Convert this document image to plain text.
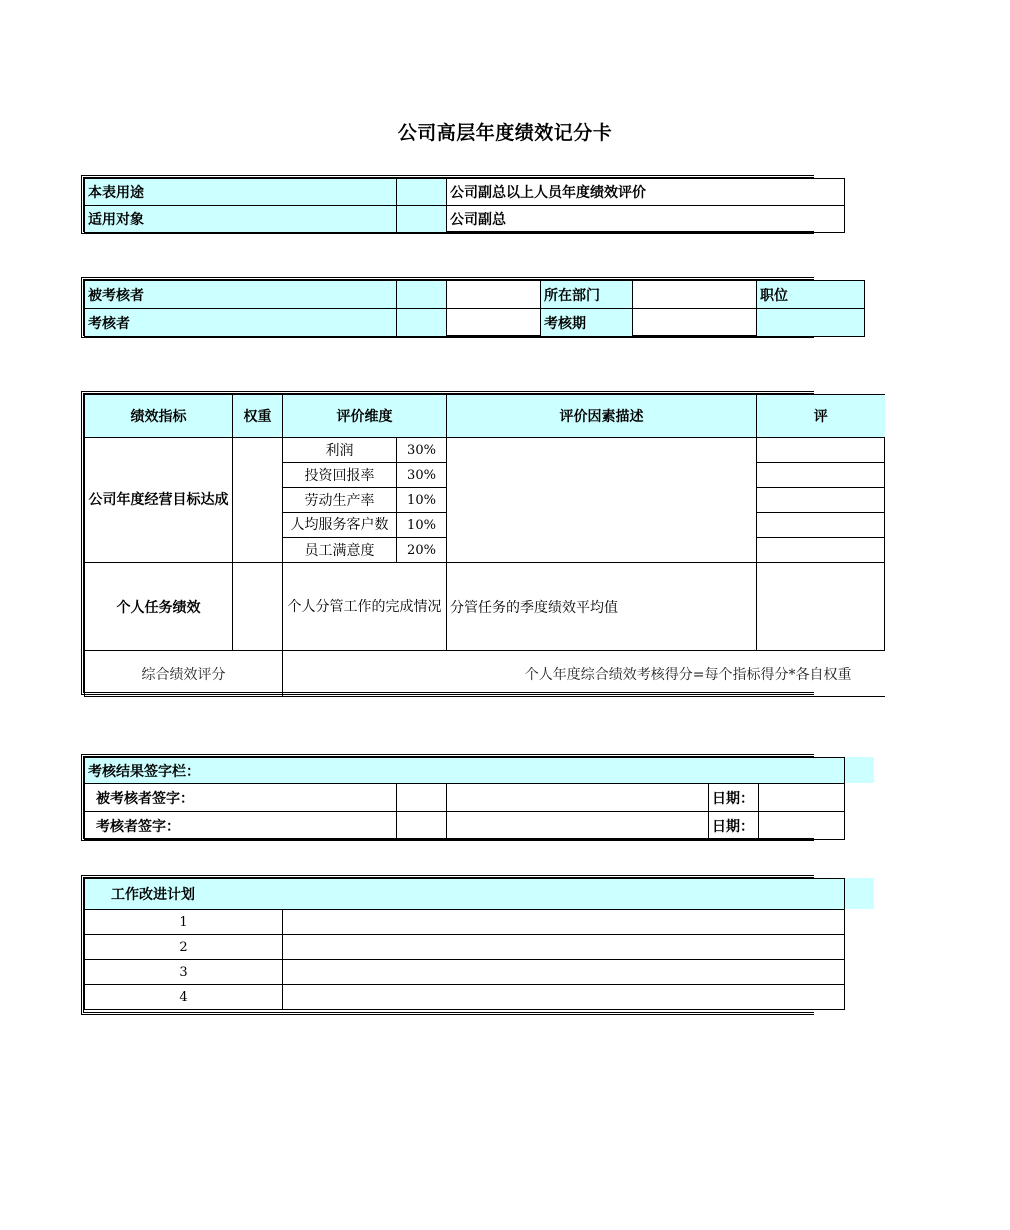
公司高层年度绩效记分卡
本表用途		公司副总以上人员年度绩效评价
适用对象		公司副总
被考核者			所在部门		职位
考核者			考核期		
绩效指标	权重	评价维度		评价因素描述	评
公司年度经营目标达成		利润	30%		
		投资回报率	30%		
		劳动生产率	10%		
		人均服务客户数	10%		
		员工满意度	20%		
个人任务绩效		个人分管工作的完成情况		分管任务的季度绩效平均值	
综合绩效评分		个人年度综合绩效考核得分=每个指标得分*各自权重			
考核结果签字栏：				
被考核者签字：			日期：	
考核者签字：			日期：	
工作改进计划	
1	
2	
3	
4	
